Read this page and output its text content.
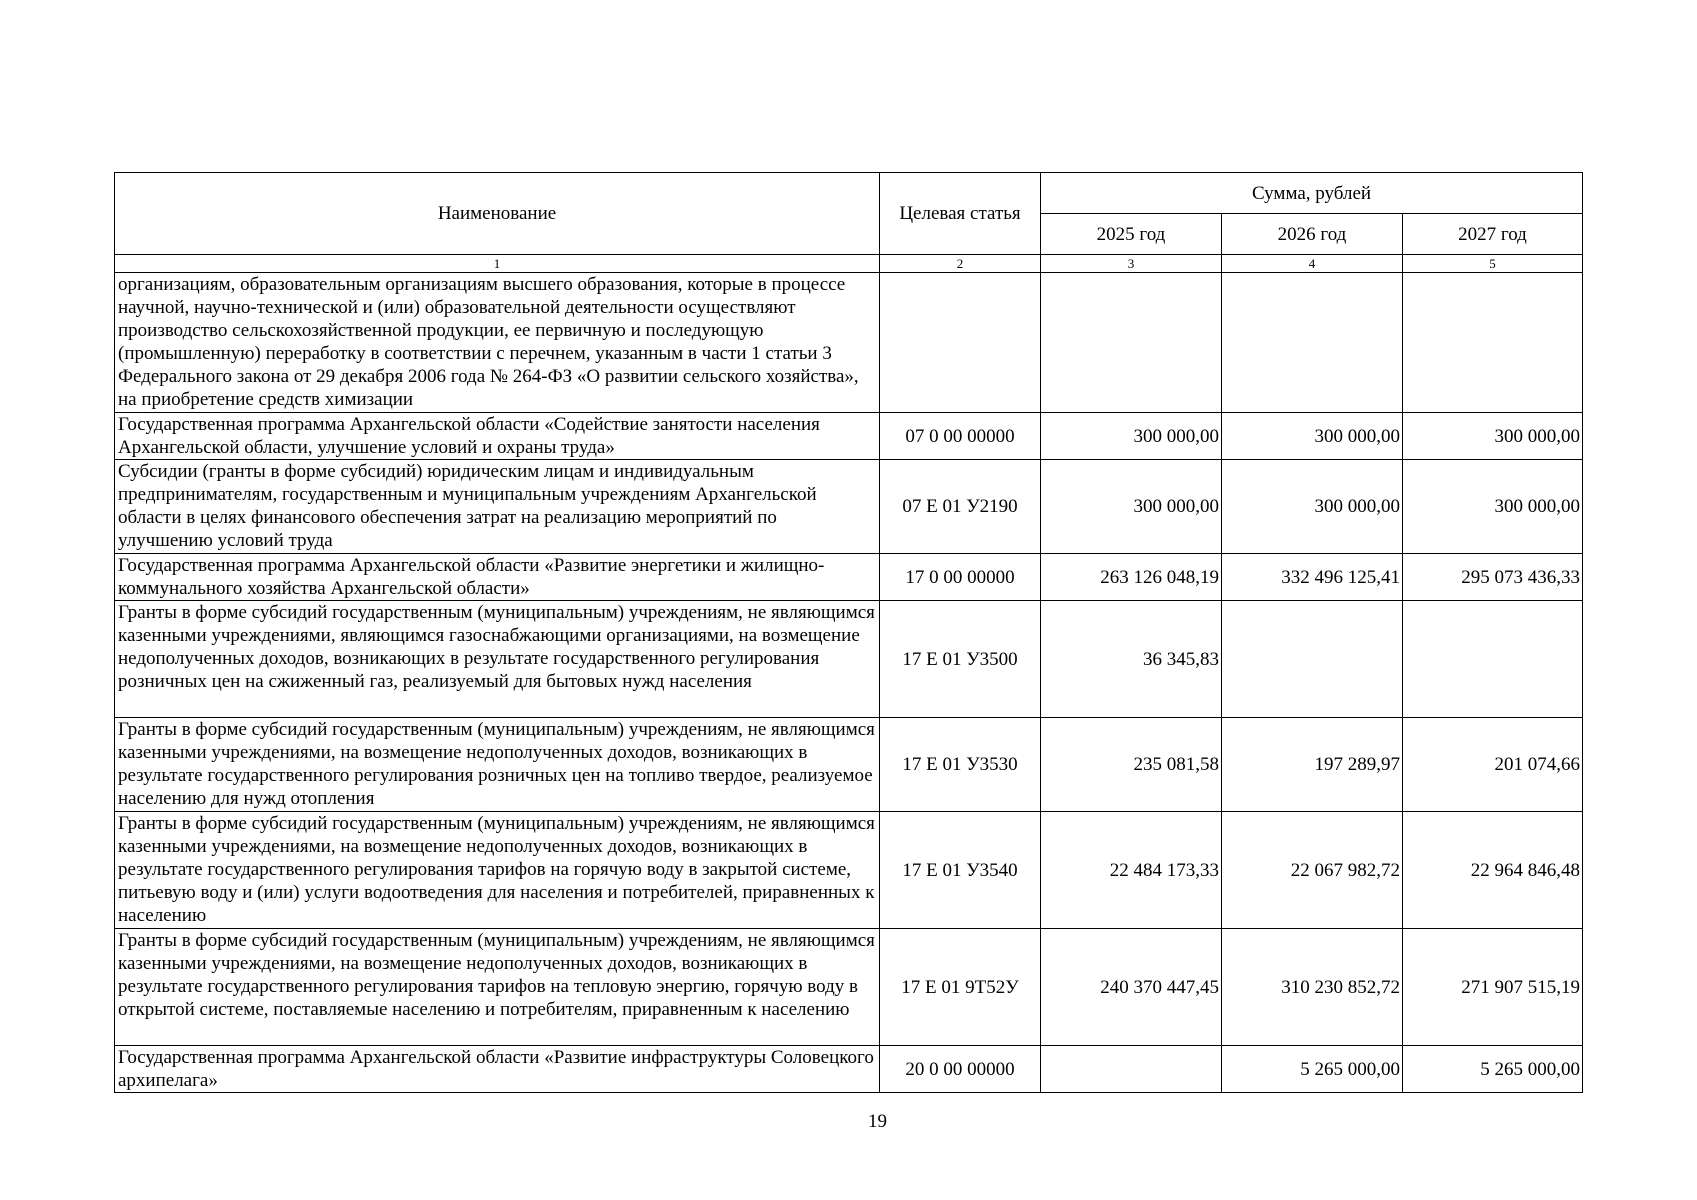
Наименование	Целевая статья	Сумма, рублей		
		2025 год	2026 год	2027 год
1	2	3	4	5
организациям, образовательным организациям высшего образования, которые в процессе научной, научно-технической и (или) образовательной деятельности осуществляют производство сельскохозяйственной продукции, ее первичную и последующую (промышленную) переработку в соответствии с перечнем, указанным в части 1 статьи 3 Федерального закона от 29 декабря 2006 года № 264-ФЗ «О развитии сельского хозяйства», на приобретение средств химизации				
Государственная программа Архангельской области «Содействие занятости населения Архангельской области, улучшение условий и охраны труда»	07 0 00 00000	300 000,00	300 000,00	300 000,00
Субсидии (гранты в форме субсидий) юридическим лицам и индивидуальным предпринимателям, государственным и муниципальным учреждениям Архангельской области в целях финансового обеспечения затрат на реализацию мероприятий по улучшению условий труда	07 Е 01 У2190	300 000,00	300 000,00	300 000,00
Государственная программа Архангельской области «Развитие энергетики и жилищно-коммунального хозяйства Архангельской области»	17 0 00 00000	263 126 048,19	332 496 125,41	295 073 436,33
Гранты в форме субсидий государственным (муниципальным) учреждениям, не являющимся казенными учреждениями, являющимся газоснабжающими организациями, на возмещение недополученных доходов, возникающих в результате государственного регулирования розничных цен на сжиженный газ, реализуемый для бытовых нужд населения	17 Е 01 У3500	36 345,83		
Гранты в форме субсидий государственным (муниципальным) учреждениям, не являющимся казенными учреждениями, на возмещение недополученных доходов, возникающих в результате государственного регулирования розничных цен на топливо твердое, реализуемое населению для нужд отопления	17 Е 01 У3530	235 081,58	197 289,97	201 074,66
Гранты в форме субсидий государственным (муниципальным) учреждениям, не являющимся казенными учреждениями, на возмещение недополученных доходов, возникающих в результате государственного регулирования тарифов на горячую воду в закрытой системе, питьевую воду и (или) услуги водоотведения для населения и потребителей, приравненных к населению	17 Е 01 У3540	22 484 173,33	22 067 982,72	22 964 846,48
Гранты в форме субсидий государственным (муниципальным) учреждениям, не являющимся казенными учреждениями, на возмещение недополученных доходов, возникающих в результате государственного регулирования тарифов на тепловую энергию, горячую воду в открытой системе, поставляемые населению и потребителям, приравненным к населению	17 Е 01 9Т52У	240 370 447,45	310 230 852,72	271 907 515,19
Государственная программа Архангельской области «Развитие инфраструктуры Соловецкого архипелага»	20 0 00 00000		5 265 000,00	5 265 000,00
19
